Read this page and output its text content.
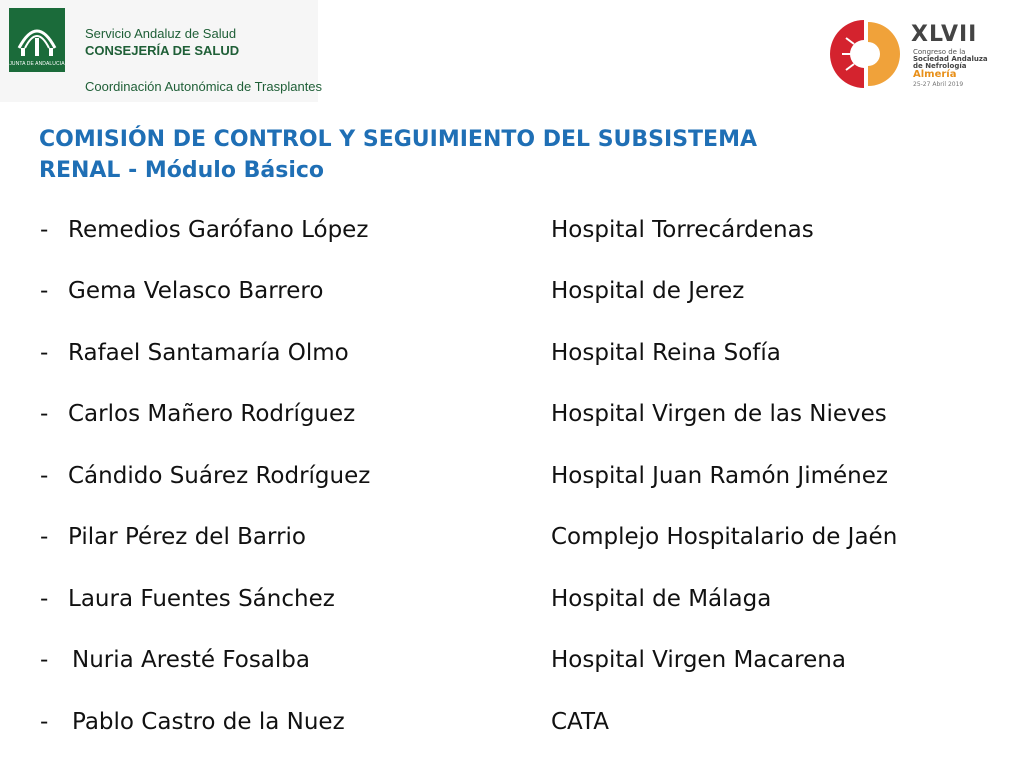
JUNTA DE ANDALUCIA
Servicio Andaluz de Salud
CONSEJERÍA DE SALUD
Coordinación Autonómica de Trasplantes
XLVII
Congreso de la
Sociedad Andaluza
de Nefrología
Almería
25-27 Abril 2019
COMISIÓN DE CONTROL Y SEGUIMIENTO DEL SUBSISTEMA
RENAL - Módulo Básico
- Remedios Garófano López	Hospital Torrecárdenas
- Gema Velasco Barrero	Hospital de Jerez
- Rafael Santamaría Olmo	Hospital Reina Sofía
- Carlos Mañero Rodríguez	Hospital Virgen de las Nieves
- Cándido Suárez Rodríguez	Hospital Juan Ramón Jiménez
- Pilar Pérez del Barrio	Complejo Hospitalario de Jaén
- Laura Fuentes Sánchez	Hospital de Málaga
- Nuria Aresté Fosalba	Hospital Virgen Macarena
- Pablo Castro de la Nuez	CATA
